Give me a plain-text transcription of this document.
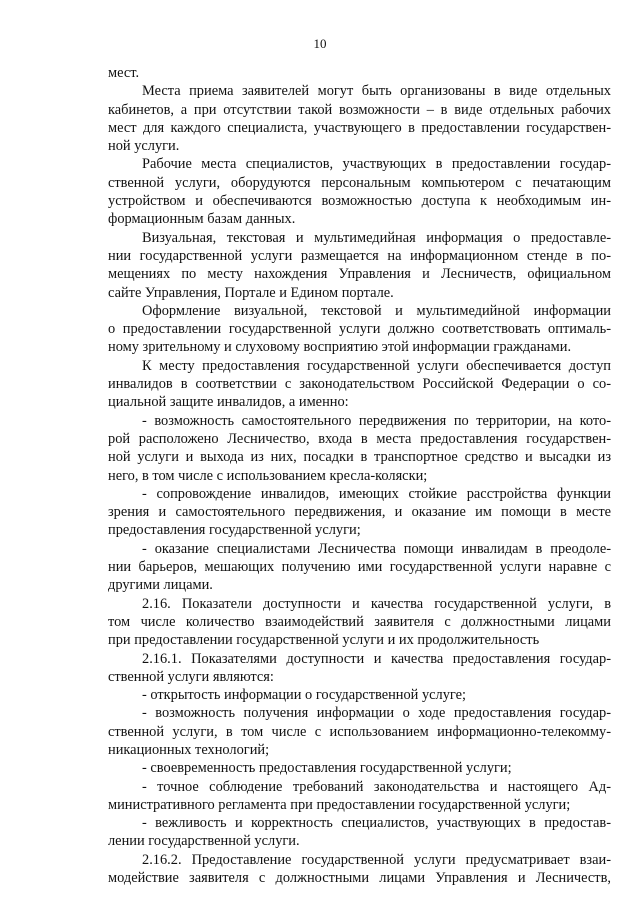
10
мест.
Места приема заявителей могут быть организованы в виде отдельных
кабинетов, а при отсутствии такой возможности – в виде отдельных рабочих
мест для каждого специалиста, участвующего в предоставлении государствен-
ной услуги.
Рабочие места специалистов, участвующих в предоставлении государ-
ственной услуги, оборудуются персональным компьютером с печатающим
устройством и обеспечиваются возможностью доступа к необходимым ин-
формационным базам данных.
Визуальная, текстовая и мультимедийная информация о предоставле-
нии государственной услуги размещается на информационном стенде в по-
мещениях по месту нахождения Управления и Лесничеств, официальном
сайте Управления, Портале и Едином портале.
Оформление визуальной, текстовой и мультимедийной информации
о предоставлении государственной услуги должно соответствовать оптималь-
ному зрительному и слуховому восприятию этой информации гражданами.
К месту предоставления государственной услуги обеспечивается доступ
инвалидов в соответствии с законодательством Российской Федерации о со-
циальной защите инвалидов, а именно:
- возможность самостоятельного передвижения по территории, на кото-
рой расположено Лесничество, входа в места предоставления государствен-
ной услуги и выхода из них, посадки в транспортное средство и высадки из
него, в том числе с использованием кресла-коляски;
- сопровождение инвалидов, имеющих стойкие расстройства функции
зрения и самостоятельного передвижения, и оказание им помощи в месте
предоставления государственной услуги;
- оказание специалистами Лесничества помощи инвалидам в преодоле-
нии барьеров, мешающих получению ими государственной услуги наравне с
другими лицами.
2.16. Показатели доступности и качества государственной услуги, в
том числе количество взаимодействий заявителя с должностными лицами
при предоставлении государственной услуги и их продолжительность
2.16.1. Показателями доступности и качества предоставления государ-
ственной услуги являются:
- открытость информации о государственной услуге;
- возможность получения информации о ходе предоставления государ-
ственной услуги, в том числе с использованием информационно-телекомму-
никационных технологий;
- своевременность предоставления государственной услуги;
- точное соблюдение требований законодательства и настоящего Ад-
министративного регламента при предоставлении государственной услуги;
- вежливость и корректность специалистов, участвующих в предостав-
лении государственной услуги.
2.16.2. Предоставление государственной услуги предусматривает взаи-
модействие заявителя с должностными лицами Управления и Лесничеств,
